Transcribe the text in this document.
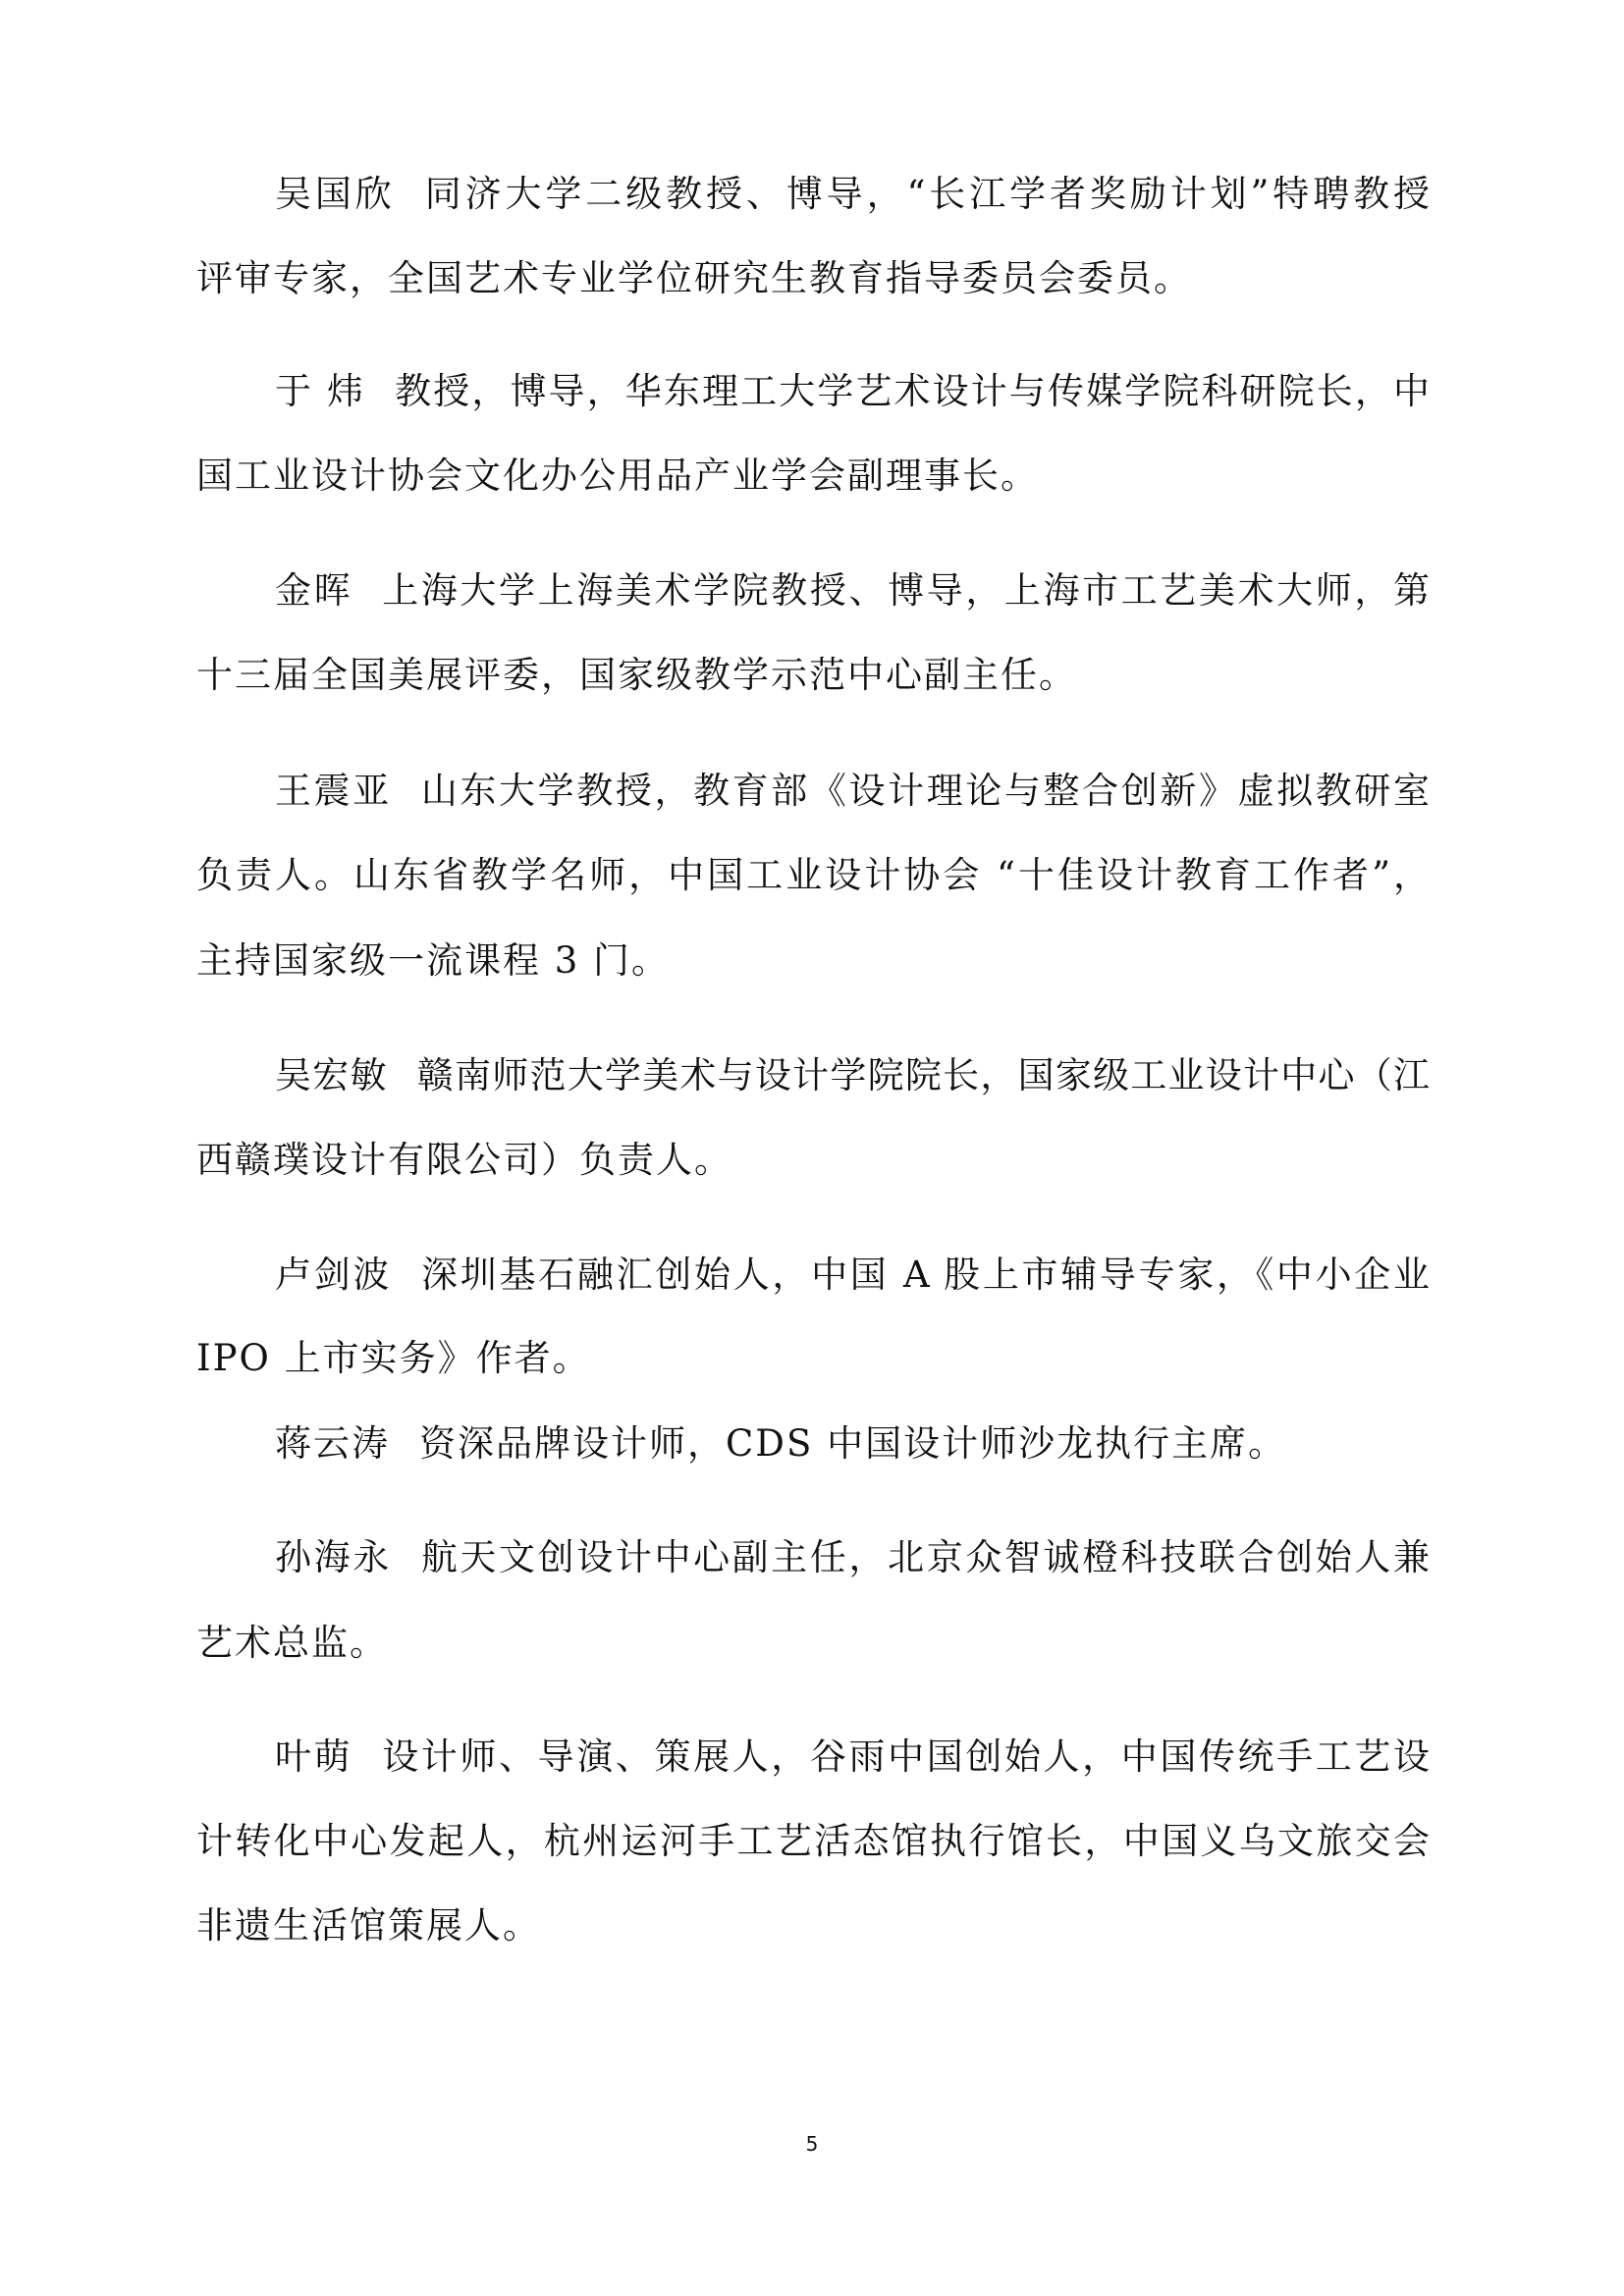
吴国欣 同济大学二级教授、博导，“长江学者奖励计划”特聘教授
评审专家，全国艺术专业学位研究生教育指导委员会委员。
于 炜 教授，博导，华东理工大学艺术设计与传媒学院科研院长，中
国工业设计协会文化办公用品产业学会副理事长。
金晖 上海大学上海美术学院教授、博导，上海市工艺美术大师，第
十三届全国美展评委，国家级教学示范中心副主任。
王震亚 山东大学教授，教育部《设计理论与整合创新》虚拟教研室
负责人。山东省教学名师，中国工业设计协会 “十佳设计教育工作者”，
主持国家级一流课程 3 门。
吴宏敏 赣南师范大学美术与设计学院院长，国家级工业设计中心（江
西赣璞设计有限公司）负责人。
卢剑波 深圳基石融汇创始人，中国 A 股上市辅导专家，《中小企业
IPO 上市实务》作者。
蒋云涛 资深品牌设计师，CDS 中国设计师沙龙执行主席。
孙海永 航天文创设计中心副主任，北京众智诚橙科技联合创始人兼
艺术总监。
叶萌 设计师、导演、策展人，谷雨中国创始人，中国传统手工艺设
计转化中心发起人，杭州运河手工艺活态馆执行馆长，中国义乌文旅交会
非遗生活馆策展人。
5
